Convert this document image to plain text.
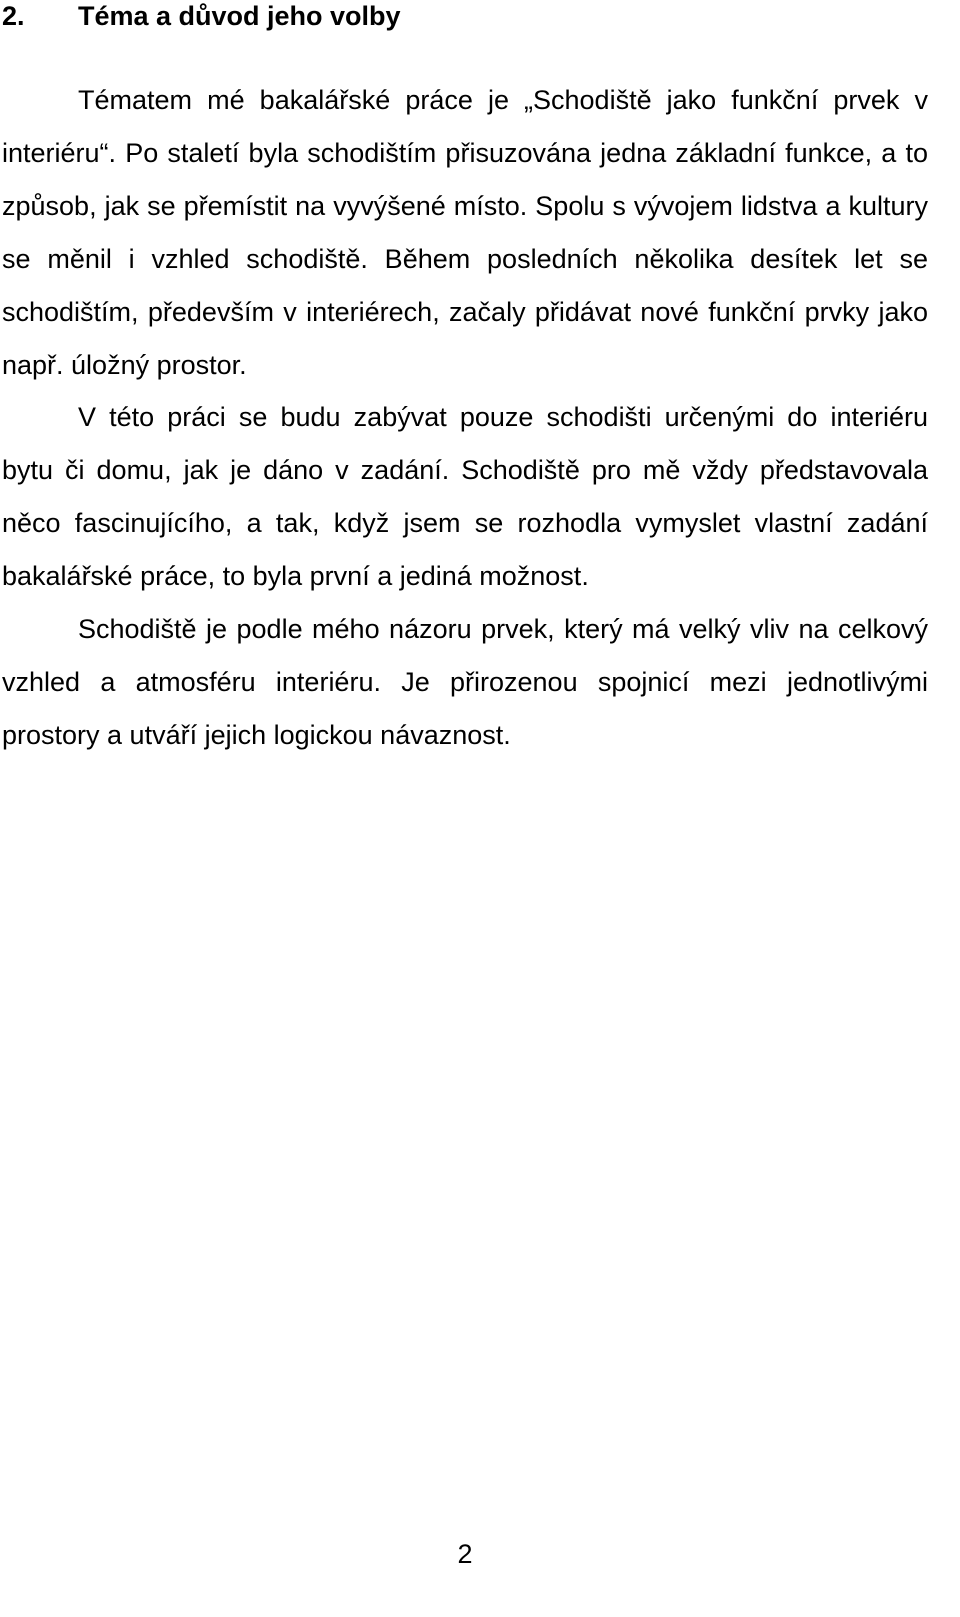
2. Téma a důvod jeho volby

Tématem mé bakalářské práce je „Schodiště jako funkční prvek v interiéru“. Po staletí byla schodištím přisuzována jedna základní funkce, a to způsob, jak se přemístit na vyvýšené místo. Spolu s vývojem lidstva a kultury se měnil i vzhled schodiště. Během posledních několika desítek let se schodištím, především v interiérech, začaly přidávat nové funkční prvky jako např. úložný prostor.

V této práci se budu zabývat pouze schodišti určenými do interiéru bytu či domu, jak je dáno v zadání. Schodiště pro mě vždy představovala něco fascinujícího, a tak, když jsem se rozhodla vymyslet vlastní zadání bakalářské práce, to byla první a jediná možnost.

Schodiště je podle mého názoru prvek, který má velký vliv na celkový vzhled a atmosféru interiéru. Je přirozenou spojnicí mezi jednotlivými prostory a utváří jejich logickou návaznost.

2
